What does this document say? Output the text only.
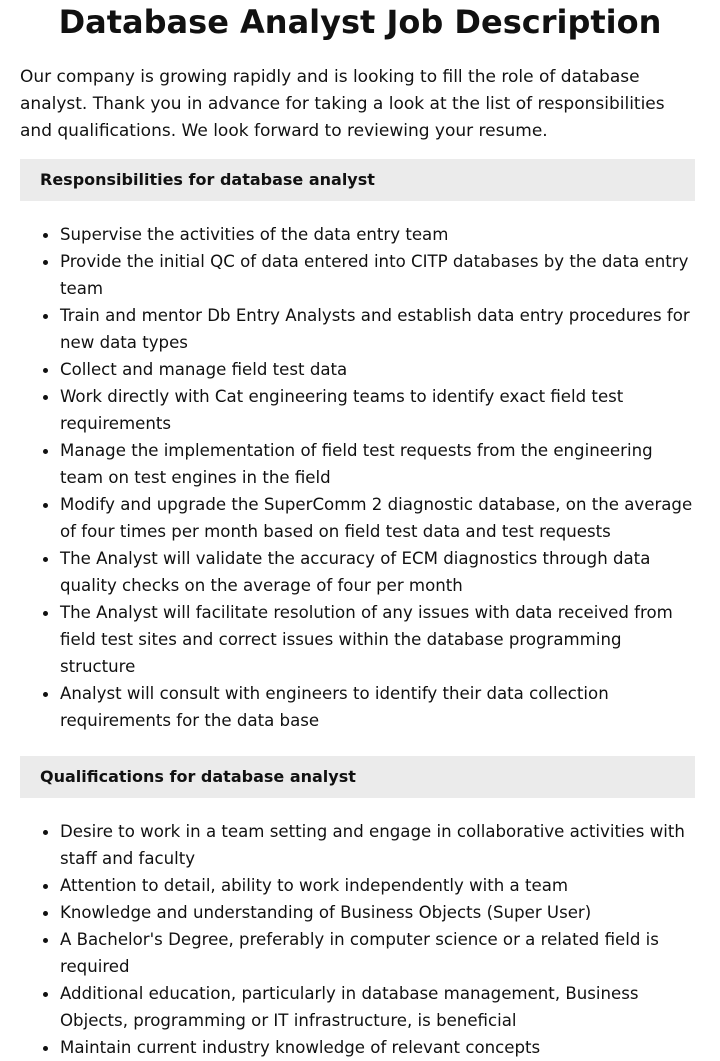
Database Analyst Job Description

Our company is growing rapidly and is looking to fill the role of database analyst. Thank you in advance for taking a look at the list of responsibilities and qualifications. We look forward to reviewing your resume.

Responsibilities for database analyst
Supervise the activities of the data entry team
Provide the initial QC of data entered into CITP databases by the data entry team
Train and mentor Db Entry Analysts and establish data entry procedures for new data types
Collect and manage field test data
Work directly with Cat engineering teams to identify exact field test requirements
Manage the implementation of field test requests from the engineering team on test engines in the field
Modify and upgrade the SuperComm 2 diagnostic database, on the average of four times per month based on field test data and test requests
The Analyst will validate the accuracy of ECM diagnostics through data quality checks on the average of four per month
The Analyst will facilitate resolution of any issues with data received from field test sites and correct issues within the database programming structure
Analyst will consult with engineers to identify their data collection requirements for the data base
Qualifications for database analyst
Desire to work in a team setting and engage in collaborative activities with staff and faculty
Attention to detail, ability to work independently with a team
Knowledge and understanding of Business Objects (Super User)
A Bachelor's Degree, preferably in computer science or a related field is required
Additional education, particularly in database management, Business Objects, programming or IT infrastructure, is beneficial
Maintain current industry knowledge of relevant concepts
